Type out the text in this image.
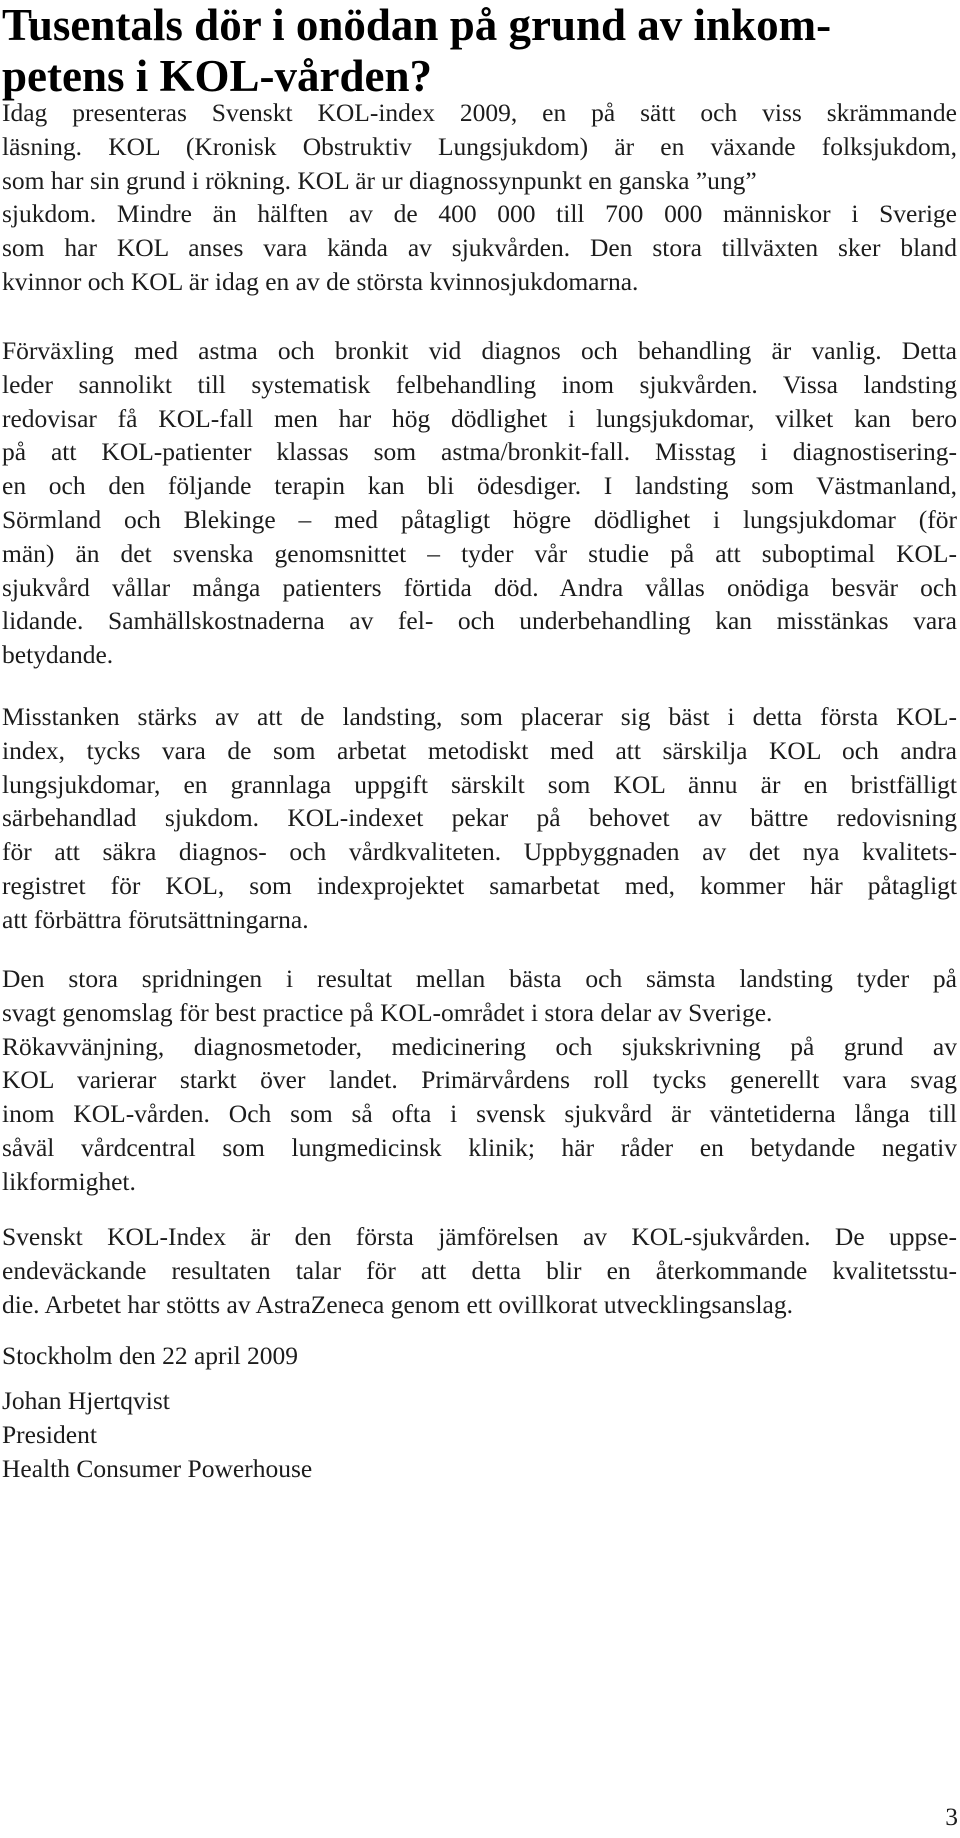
Tusentals dör i onödan på grund av inkom-
petens i KOL-vården?
Idag presenteras Svenskt KOL-index 2009, en på sätt och viss skrämmande
läsning. KOL (Kronisk Obstruktiv Lungsjukdom) är en växande folksjukdom,
som har sin grund i rökning. KOL är ur diagnossynpunkt en ganska ”ung”
sjukdom. Mindre än hälften av de 400 000 till 700 000 människor i Sverige
som har KOL anses vara kända av sjukvården. Den stora tillväxten sker bland
kvinnor och KOL är idag en av de största kvinnosjukdomarna.
Förväxling med astma och bronkit vid diagnos och behandling är vanlig. Detta
leder sannolikt till systematisk felbehandling inom sjukvården. Vissa landsting
redovisar få KOL-fall men har hög dödlighet i lungsjukdomar, vilket kan bero
på att KOL-patienter klassas som astma/bronkit-fall. Misstag i diagnostisering-
en och den följande terapin kan bli ödesdiger. I landsting som Västmanland,
Sörmland och Blekinge – med påtagligt högre dödlighet i lungsjukdomar (för
män) än det svenska genomsnittet – tyder vår studie på att suboptimal KOL-
sjukvård vållar många patienters förtida död. Andra vållas onödiga besvär och
lidande. Samhällskostnaderna av fel- och underbehandling kan misstänkas vara
betydande.
Misstanken stärks av att de landsting, som placerar sig bäst i detta första KOL-
index, tycks vara de som arbetat metodiskt med att särskilja KOL och andra
lungsjukdomar, en grannlaga uppgift särskilt som KOL ännu är en bristfälligt
särbehandlad sjukdom. KOL-indexet pekar på behovet av bättre redovisning
för att säkra diagnos- och vårdkvaliteten. Uppbyggnaden av det nya kvalitets-
registret för KOL, som indexprojektet samarbetat med, kommer här påtagligt
att förbättra förutsättningarna.
Den stora spridningen i resultat mellan bästa och sämsta landsting tyder på
svagt genomslag för best practice på KOL-området i stora delar av Sverige.
Rökavvänjning, diagnosmetoder, medicinering och sjukskrivning på grund av
KOL varierar starkt över landet. Primärvårdens roll tycks generellt vara svag
inom KOL-vården. Och som så ofta i svensk sjukvård är väntetiderna långa till
såväl vårdcentral som lungmedicinsk klinik; här råder en betydande negativ
likformighet.
Svenskt KOL-Index är den första jämförelsen av KOL-sjukvården. De uppse-
endeväckande resultaten talar för att detta blir en återkommande kvalitetsstu-
die. Arbetet har stötts av AstraZeneca genom ett ovillkorat utvecklingsanslag.
Stockholm den 22 april 2009
Johan Hjertqvist
President
Health Consumer Powerhouse
3
